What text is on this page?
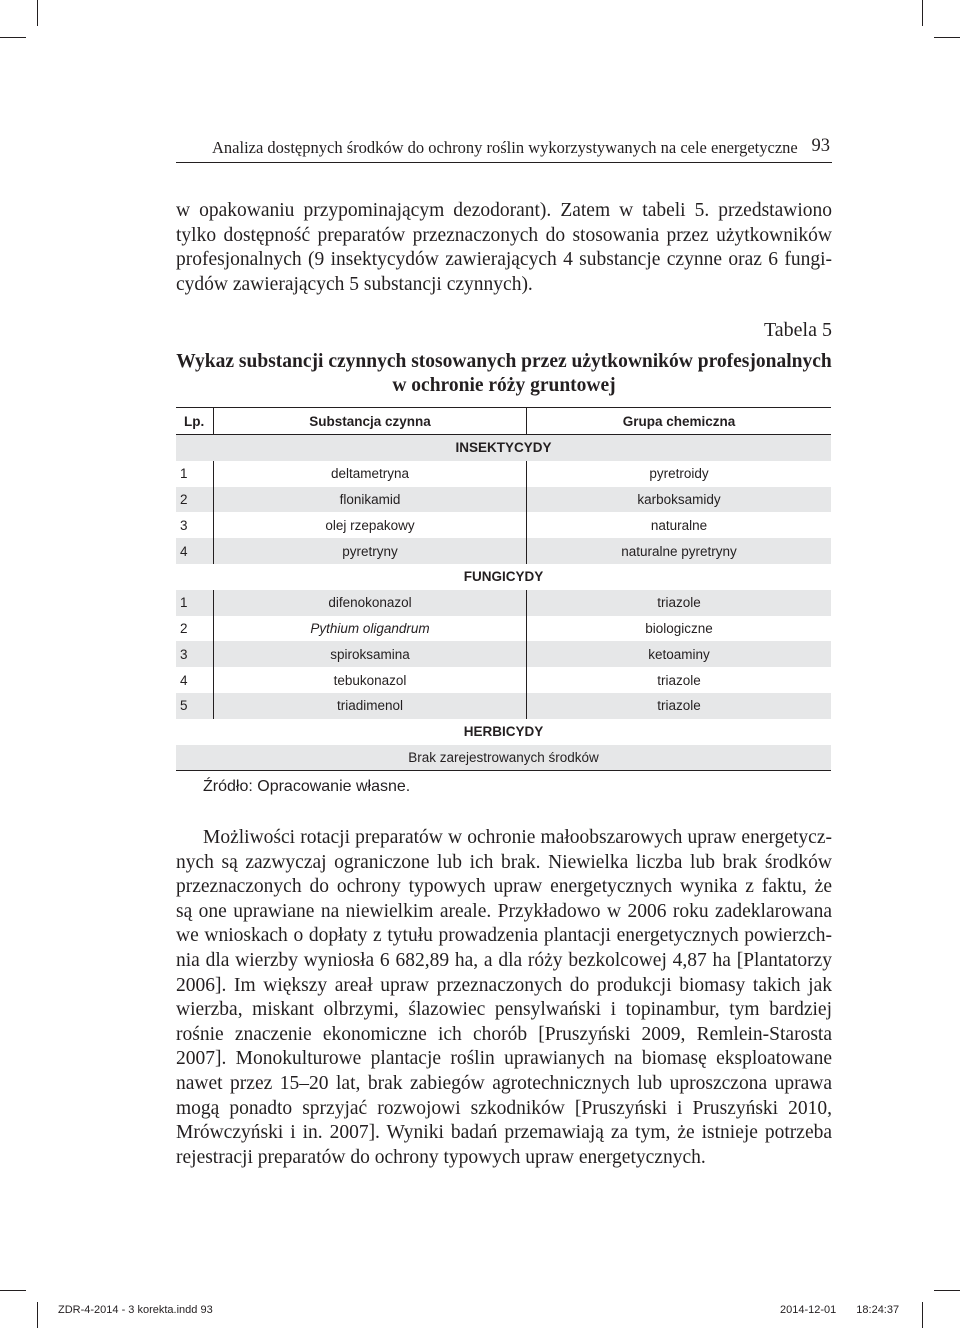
Analiza dostępnych środków do ochrony roślin wykorzystywanych na cele energetyczne 93
w opakowaniu przypominającym dezodorant). Zatem w tabeli 5. przedstawiono
tylko dostępność preparatów przeznaczonych do stosowania przez użytkowników
profesjonalnych (9 insektycydów zawierających 4 substancje czynne oraz 6 fungi-
cydów zawierających 5 substancji czynnych).
Tabela 5
Wykaz substancji czynnych stosowanych przez użytkowników profesjonalnych
w ochronie róży gruntowej
Lp.	Substancja czynna	Grupa chemiczna
INSEKTYCYDY
1	deltametryna	pyretroidy
2	flonikamid	karboksamidy
3	olej rzepakowy	naturalne
4	pyretryny	naturalne pyretryny
FUNGICYDY
1	difenokonazol	triazole
2	Pythium oligandrum	biologiczne
3	spiroksamina	ketoaminy
4	tebukonazol	triazole
5	triadimenol	triazole
HERBICYDY
Brak zarejestrowanych środków
Źródło: Opracowanie własne.
Możliwości rotacji preparatów w ochronie małoobszarowych upraw energetycz-
nych są zazwyczaj ograniczone lub ich brak. Niewielka liczba lub brak środków
przeznaczonych do ochrony typowych upraw energetycznych wynika z faktu, że
są one uprawiane na niewielkim areale. Przykładowo w 2006 roku zadeklarowana
we wnioskach o dopłaty z tytułu prowadzenia plantacji energetycznych powierzch-
nia dla wierzby wyniosła 6 682,89 ha, a dla róży bezkolcowej 4,87 ha [Plantatorzy
2006]. Im większy areał upraw przeznaczonych do produkcji biomasy takich jak
wierzba, miskant olbrzymi, ślazowiec pensylwański i topinambur, tym bardziej
rośnie znaczenie ekonomiczne ich chorób [Pruszyński 2009, Remlein-Starosta
2007]. Monokulturowe plantacje roślin uprawianych na biomasę eksploatowane
nawet przez 15–20 lat, brak zabiegów agrotechnicznych lub uproszczona uprawa
mogą ponadto sprzyjać rozwojowi szkodników [Pruszyński i Pruszyński 2010,
Mrówczyński i in. 2007]. Wyniki badań przemawiają za tym, że istnieje potrzeba
rejestracji preparatów do ochrony typowych upraw energetycznych.
ZDR-4-2014 - 3 korekta.indd 93	2014-12-01 18:24:37
